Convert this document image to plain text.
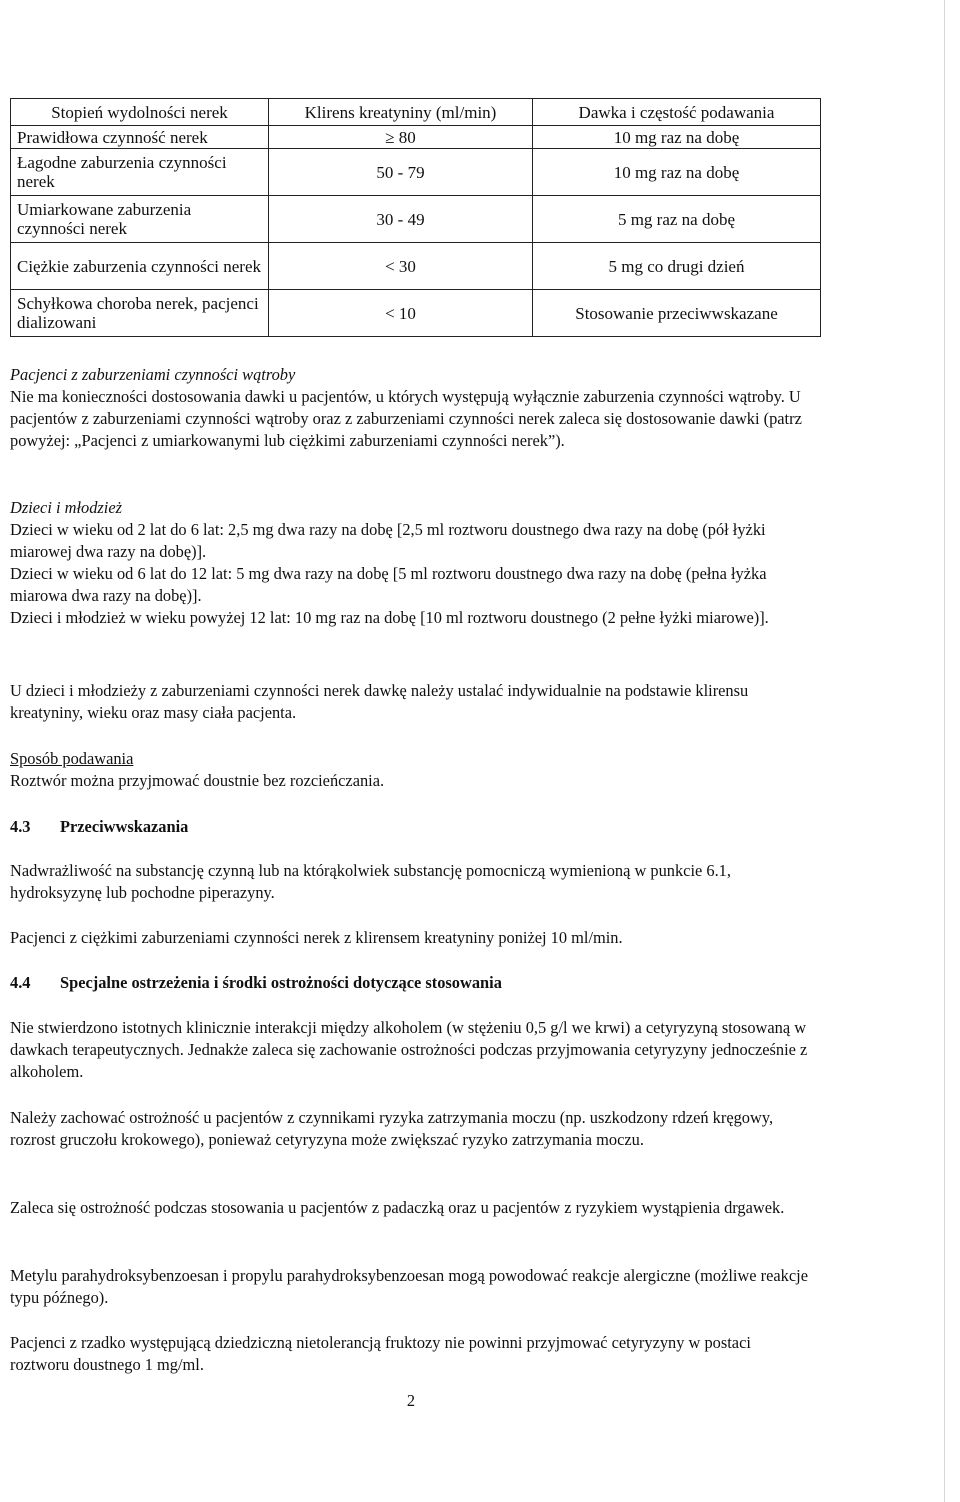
Stopień wydolności nerek	Klirens kreatyniny (ml/min)	Dawka i częstość podawania
Prawidłowa czynność nerek	≥ 80	10 mg raz na dobę
Łagodne zaburzenia czynności nerek	50 - 79	10 mg raz na dobę
Umiarkowane zaburzenia czynności nerek	30 - 49	5 mg raz na dobę
Ciężkie zaburzenia czynności nerek	< 30	5 mg co drugi dzień
Schyłkowa choroba nerek, pacjenci dializowani	< 10	Stosowanie przeciwwskazane

Pacjenci z zaburzeniami czynności wątroby

Nie ma konieczności dostosowania dawki u pacjentów, u których występują wyłącznie zaburzenia czynności wątroby. U pacjentów z zaburzeniami czynności wątroby oraz z zaburzeniami czynności nerek zaleca się dostosowanie dawki (patrz powyżej: „Pacjenci z umiarkowanymi lub ciężkimi zaburzeniami czynności nerek”).

Dzieci i młodzież

Dzieci w wieku od 2 lat do 6 lat: 2,5 mg dwa razy na dobę [2,5 ml roztworu doustnego dwa razy na dobę (pół łyżki miarowej dwa razy na dobę)].

Dzieci w wieku od 6 lat do 12 lat: 5 mg dwa razy na dobę [5 ml roztworu doustnego dwa razy na dobę (pełna łyżka miarowa dwa razy na dobę)].

Dzieci i młodzież w wieku powyżej 12 lat: 10 mg raz na dobę [10 ml roztworu doustnego (2 pełne łyżki miarowe)].

U dzieci i młodzieży z zaburzeniami czynności nerek dawkę należy ustalać indywidualnie na podstawie klirensu kreatyniny, wieku oraz masy ciała pacjenta.

Sposób podawania

Roztwór można przyjmować doustnie bez rozcieńczania.

4.3 Przeciwwskazania

Nadwrażliwość na substancję czynną lub na którąkolwiek substancję pomocniczą wymienioną w punkcie 6.1, hydroksyzynę lub pochodne piperazyny.

Pacjenci z ciężkimi zaburzeniami czynności nerek z klirensem kreatyniny poniżej 10 ml/min.

4.4 Specjalne ostrzeżenia i środki ostrożności dotyczące stosowania

Nie stwierdzono istotnych klinicznie interakcji między alkoholem (w stężeniu 0,5 g/l we krwi) a cetyryzyną stosowaną w dawkach terapeutycznych. Jednakże zaleca się zachowanie ostrożności podczas przyjmowania cetyryzyny jednocześnie z alkoholem.

Należy zachować ostrożność u pacjentów z czynnikami ryzyka zatrzymania moczu (np. uszkodzony rdzeń kręgowy, rozrost gruczołu krokowego), ponieważ cetyryzyna może zwiększać ryzyko zatrzymania moczu.

Zaleca się ostrożność podczas stosowania u pacjentów z padaczką oraz u pacjentów z ryzykiem wystąpienia drgawek.

Metylu parahydroksybenzoesan i propylu parahydroksybenzoesan mogą powodować reakcje alergiczne (możliwe reakcje typu późnego).

Pacjenci z rzadko występującą dziedziczną nietolerancją fruktozy nie powinni przyjmować cetyryzyny w postaci roztworu doustnego 1 mg/ml.

2
